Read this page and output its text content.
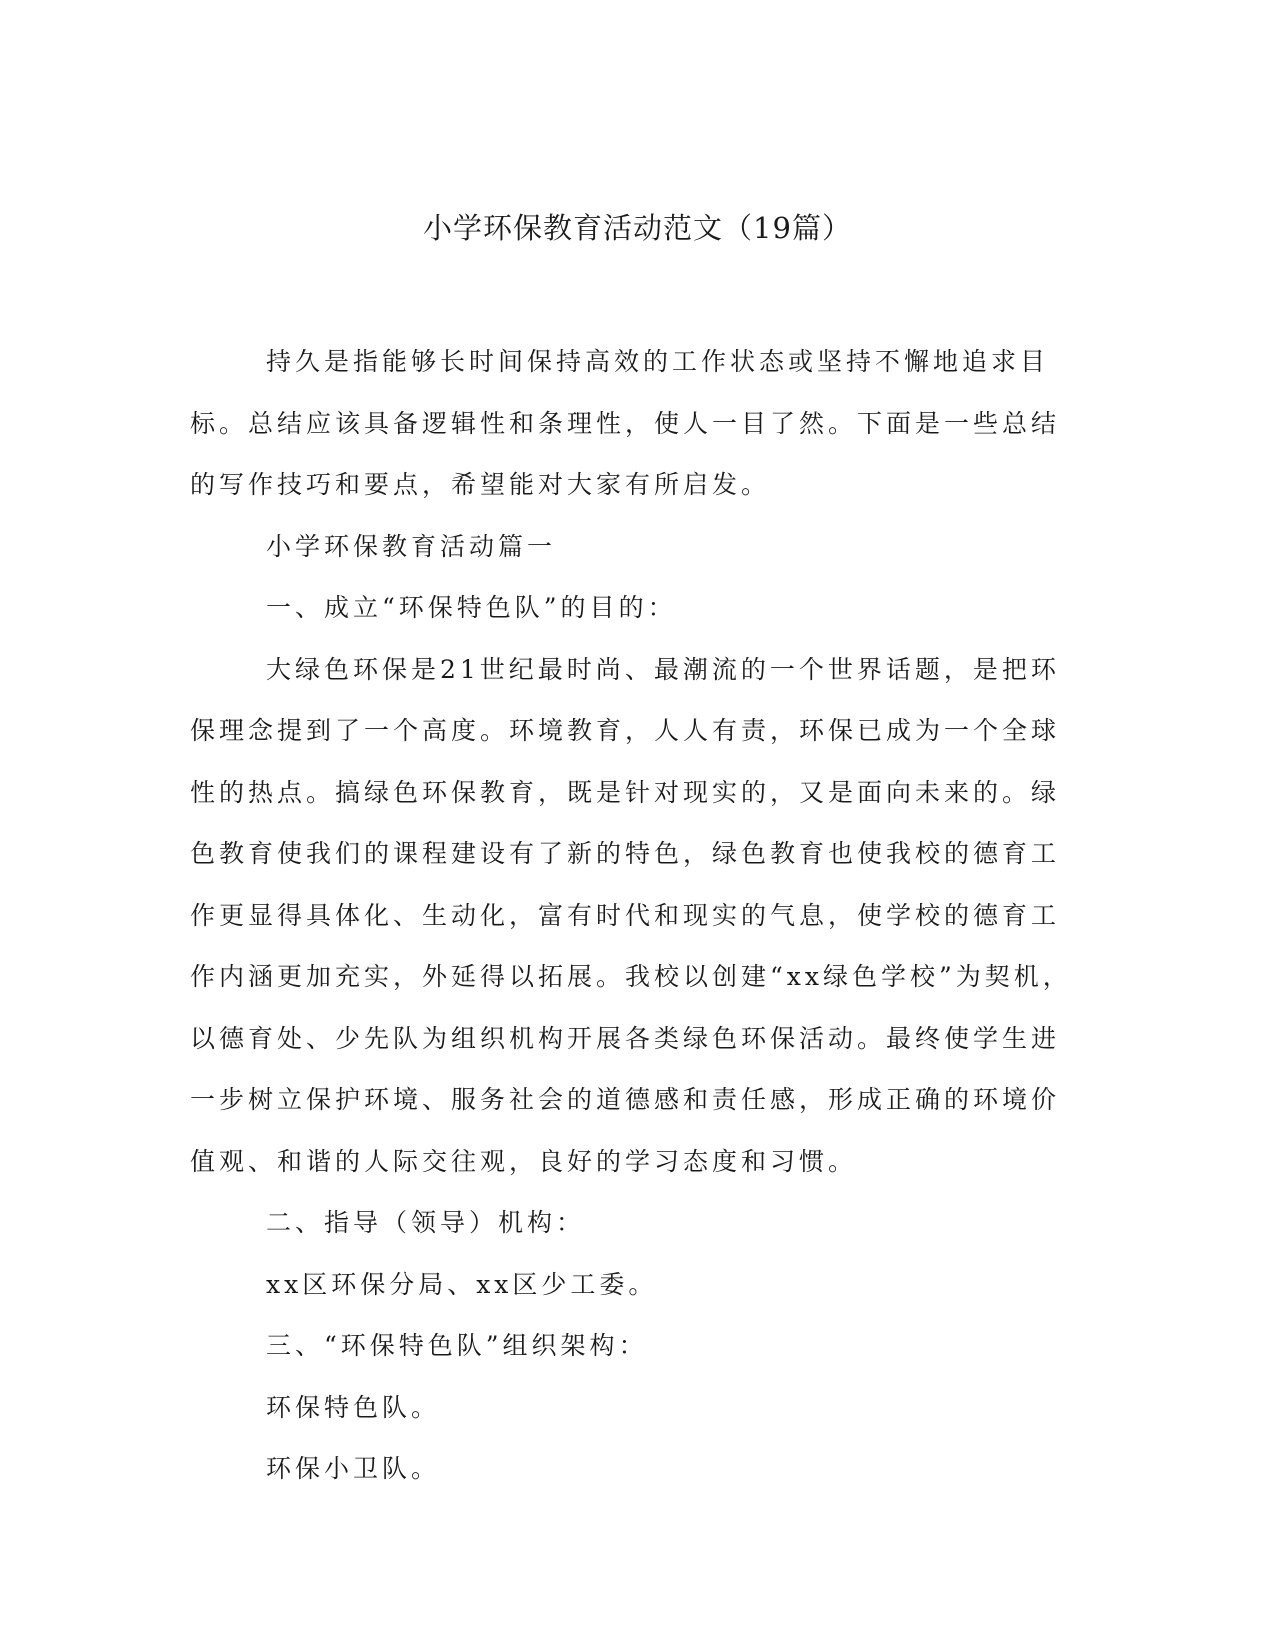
小学环保教育活动范文（19篇）

持久是指能够长时间保持高效的工作状态或坚持不懈地追求目标。总结应该具备逻辑性和条理性，使人一目了然。下面是一些总结的写作技巧和要点，希望能对大家有所启发。

小学环保教育活动篇一

一、成立“环保特色队”的目的：

大绿色环保是21世纪最时尚、最潮流的一个世界话题，是把环保理念提到了一个高度。环境教育，人人有责，环保已成为一个全球性的热点。搞绿色环保教育，既是针对现实的，又是面向未来的。绿色教育使我们的课程建设有了新的特色，绿色教育也使我校的德育工作更显得具体化、生动化，富有时代和现实的气息，使学校的德育工作内涵更加充实，外延得以拓展。我校以创建“xx绿色学校”为契机，以德育处、少先队为组织机构开展各类绿色环保活动。最终使学生进一步树立保护环境、服务社会的道德感和责任感，形成正确的环境价值观、和谐的人际交往观，良好的学习态度和习惯。

二、指导（领导）机构：

xx区环保分局、xx区少工委。

三、“环保特色队”组织架构：

环保特色队。

环保小卫队。
